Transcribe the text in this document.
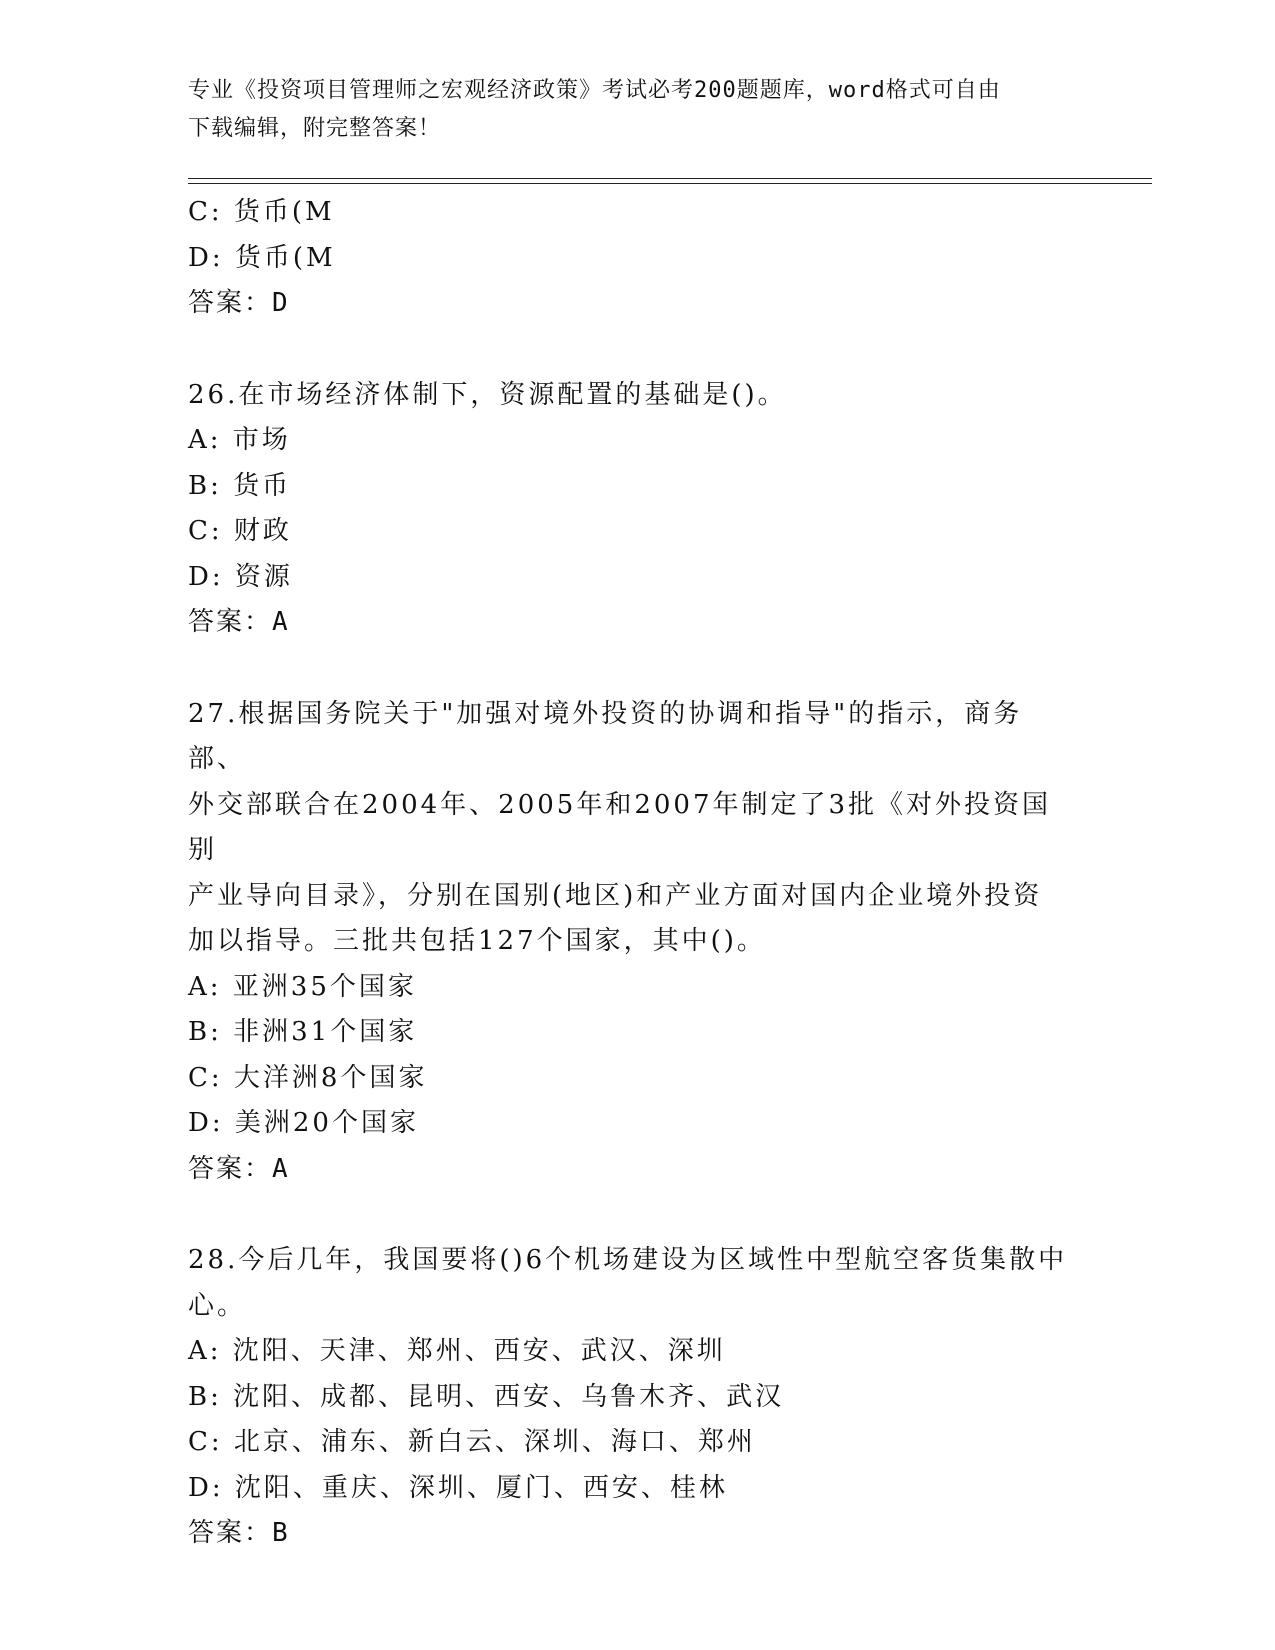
专业《投资项目管理师之宏观经济政策》考试必考200题题库，word格式可自由
下载编辑，附完整答案！
C: 货币(M
D: 货币(M
答案：D
26.在市场经济体制下，资源配置的基础是()。
A: 市场
B: 货币
C: 财政
D: 资源
答案：A
27.根据国务院关于"加强对境外投资的协调和指导"的指示，商务部、
外交部联合在2004年、2005年和2007年制定了3批《对外投资国别
产业导向目录》，分别在国别(地区)和产业方面对国内企业境外投资
加以指导。三批共包括127个国家，其中()。
A: 亚洲35个国家
B: 非洲31个国家
C: 大洋洲8个国家
D: 美洲20个国家
答案：A
28.今后几年，我国要将()6个机场建设为区域性中型航空客货集散中
心。
A: 沈阳、天津、郑州、西安、武汉、深圳
B: 沈阳、成都、昆明、西安、乌鲁木齐、武汉
C: 北京、浦东、新白云、深圳、海口、郑州
D: 沈阳、重庆、深圳、厦门、西安、桂林
答案：B
